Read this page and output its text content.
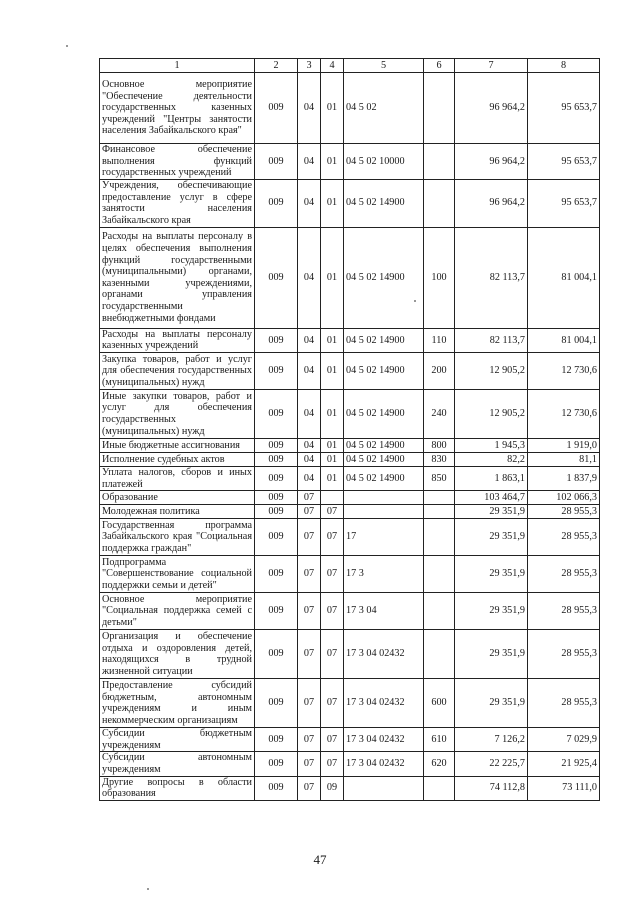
1	2	3	4	5	6	7	8
Основное мероприятие "Обеспечение деятельности государственных казенных учреждений "Центры занятости населения Забайкальского края"	009	04	01	04 5 02		96 964,2	95 653,7
Финансовое обеспечение выполнения функций государственных учреждений	009	04	01	04 5 02 10000		96 964,2	95 653,7
Учреждения, обеспечивающие предоставление услуг в сфере занятости населения Забайкальского края	009	04	01	04 5 02 14900		96 964,2	95 653,7
Расходы на выплаты персоналу в целях обеспечения выполнения функций государственными (муниципальными) органами, казенными учреждениями, органами управления государственными внебюджетными фондами	009	04	01	04 5 02 14900	100	82 113,7	81 004,1
Расходы на выплаты персоналу казенных учреждений	009	04	01	04 5 02 14900	110	82 113,7	81 004,1
Закупка товаров, работ и услуг для обеспечения государственных (муниципальных) нужд	009	04	01	04 5 02 14900	200	12 905,2	12 730,6
Иные закупки товаров, работ и услуг для обеспечения государственных (муниципальных) нужд	009	04	01	04 5 02 14900	240	12 905,2	12 730,6
Иные бюджетные ассигнования	009	04	01	04 5 02 14900	800	1 945,3	1 919,0
Исполнение судебных актов	009	04	01	04 5 02 14900	830	82,2	81,1
Уплата налогов, сборов и иных платежей	009	04	01	04 5 02 14900	850	1 863,1	1 837,9
Образование	009	07				103 464,7	102 066,3
Молодежная политика	009	07	07			29 351,9	28 955,3
Государственная программа Забайкальского края "Социальная поддержка граждан"	009	07	07	17		29 351,9	28 955,3
Подпрограмма "Совершенствование социальной поддержки семьи и детей"	009	07	07	17 3		29 351,9	28 955,3
Основное мероприятие "Социальная поддержка семей с детьми"	009	07	07	17 3 04		29 351,9	28 955,3
Организация и обеспечение отдыха и оздоровления детей, находящихся в трудной жизненной ситуации	009	07	07	17 3 04 02432		29 351,9	28 955,3
Предоставление субсидий бюджетным, автономным учреждениям и иным некоммерческим организациям	009	07	07	17 3 04 02432	600	29 351,9	28 955,3
Субсидии бюджетным учреждениям	009	07	07	17 3 04 02432	610	7 126,2	7 029,9
Субсидии автономным учреждениям	009	07	07	17 3 04 02432	620	22 225,7	21 925,4
Другие вопросы в области образования	009	07	09			74 112,8	73 111,0
47
